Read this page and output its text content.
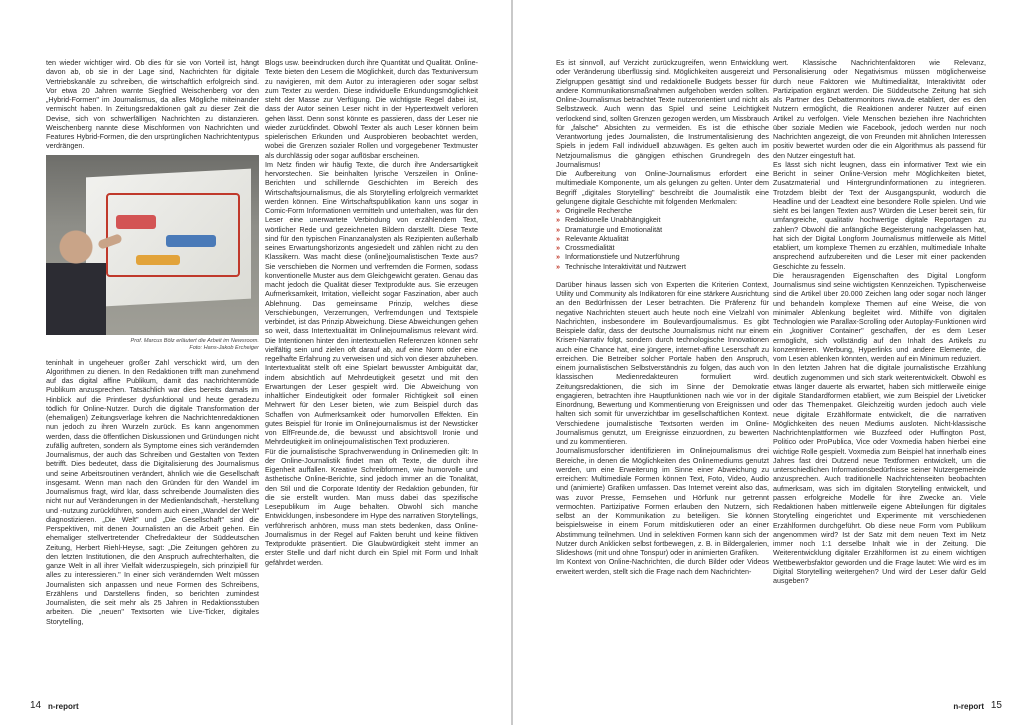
ten wieder wichtiger wird. Ob dies für sie von Vorteil ist, hängt davon ab, ob sie in der Lage sind, Nachrichten für digitale Vertriebskanäle zu schreiben, die wirtschaftlich erfolgreich sind. Vor etwa 20 Jahren warnte Siegfried Weischenberg vor den „Hybrid-Formen" im Journalismus, da alles Mögliche miteinander vermischt haben. In Zeitungsredaktionen galt zu dieser Zeit die Devise, sich von schwerfälligen Nachrichten zu distanzieren. Weischenberg nannte diese Mischformen von Nachrichten und Features Hybrid-Formen, die den ursprünglichen Nachrichtentypus verdrängen.

Prof. Marcus Bölz erläutert die Arbeit im Newsroom.
Foto: Hans-Jakob Ercheiger

teninhalt in ungeheuer großer Zahl verschickt wird, um den Algorithmen zu dienen. In den Redaktionen trifft man zunehmend auf das digital affine Publikum, damit das nachrichtenmüde Publikum anzusprechen. Tatsächlich war dies bereits damals im Hinblick auf die Printleser dysfunktional und heute geradezu tödlich für Online-Nutzer. Durch die digitale Transformation der (ehemaligen) Zeitungsverlage kehren die Nachrichtenredaktionen nun jedoch zu ihren Wurzeln zurück. Es kann angenommen werden, dass die öffentlichen Diskussionen und Gründungen nicht zufällig auftreten, sondern als Symptome eines sich verändernden Journalismus, der auch das Schreiben und Gestalten von Texten betrifft. Dies bedeutet, dass die Digitalisierung des Journalismus und seine Arbeitsroutinen verändert, ähnlich wie die Gesellschaft insgesamt. Wenn man nach den Gründen für den Wandel im Journalismus fragt, wird klar, dass schreibende Journalisten dies nicht nur auf Veränderungen in der Medienlandschaft, -herstellung und -nutzung zurückführen, sondern auch einen „Wandel der Welt" diagnostizieren. „Die Welt" und „Die Gesellschaft" sind die Perspektiven, mit denen Journalisten an die Arbeit gehen. Ein ehemaliger stellvertretender Chefredakteur der Süddeutschen Zeitung, Herbert Riehl-Heyse, sagt: „Die Zeitungen gehören zu den letzten Institutionen, die den Anspruch aufrechterhalten, die ganze Welt in all ihrer Vielfalt widerzuspiegeln, sich prinzipiell für alles zu interessieren." In einer sich verändernden Welt müssen Journalisten sich anpassen und neue Formen des Schreibens, Erzählens und Darstellens finden, so berichten zumindest Journalisten, die seit mehr als 25 Jahren in Redaktionsstuben arbeiten. Die „neuen" Textsorten wie Live-Ticker, digitales Storytelling,

Blogs usw. beeindrucken durch ihre Quantität und Qualität. Online-Texte bieten den Lesern die Möglichkeit, durch das Textuniversum zu navigieren, mit dem Autor zu interagieren oder sogar selbst zum Texter zu werden. Diese individuelle Erkundungsmöglichkeit steht der Masse zur Verfügung. Die wichtigste Regel dabei ist, dass der Autor seinen Leser nicht in der Hypertextwelt verloren gehen lässt. Denn sonst könnte es passieren, dass der Leser nie wieder zurückfindet. Obwohl Texter als auch Leser können beim spielerischen Erkunden und Ausprobieren beobachtet werden, wobei die Grenzen sozialer Rollen und vorgegebener Textmuster als durchlässig oder sogar auflösbar erscheinen.

Im Netz finden wir häufig Texte, die durch ihre Andersartigkeit hervorstechen. Sie beinhalten lyrische Verszeilen in Online-Berichten und schillernde Geschichten im Bereich des Wirtschaftsjournalismus, die als Storytelling erfolgreich vermarktet werden können. Eine Wirtschaftspublikation kann uns sogar in Comic-Form Informationen vermitteln und unterhalten, was für den Leser eine unerwartete Verbindung von erzählendem Text, wörtlicher Rede und gezeichneten Bildern darstellt. Diese Texte sind für den typischen Finanzanalysten als Rezipienten außerhalb seines Erwartungshorizonts angesiedelt und zählen nicht zu den Klassikern. Was macht diese (online)journalistischen Texte aus? Sie verschieben die Normen und verfremden die Formen, sodass konventionelle Muster aus dem Gleichgewicht geraten. Genau das macht jedoch die Qualität dieser Textprodukte aus. Sie erzeugen Aufmerksamkeit, Irritation, vielleicht sogar Faszination, aber auch Ablehnung. Das gemeinsame Prinzip, welches diese Verschiebungen, Verzerrungen, Verfremdungen und Textspiele verbindet, ist das Prinzip Abweichung. Diese Abweichungen gehen so weit, dass Intertextualität im Onlinejournalismus relevant wird. Die Intentionen hinter den intertextuellen Referenzen können sehr vielfältig sein und zielen oft darauf ab, auf eine Norm oder eine regelhafte Erfahrung zu verweisen und sich von dieser abzuheben. Intertextualität stellt oft eine Spielart bewusster Ambiguität dar, indem absichtlich auf Mehrdeutigkeit gesetzt und mit den Erwartungen der Leser gespielt wird. Die Abweichung von inhaltlicher Eindeutigkeit oder formaler Richtigkeit soll einen Mehrwert für den Leser bieten, wie zum Beispiel durch das Schaffen von Aufmerksamkeit oder humorvollen Effekten. Ein gutes Beispiel für Ironie im Onlinejournalismus ist der Newsticker von ElfFreunde.de, die bewusst und absichtsvoll Ironie und Mehrdeutigkeit im onlinejournalistischen Text produzieren.

Für die journalistische Sprachverwendung in Onlinemedien gilt: In der Online-Journalistik findet man oft Texte, die durch ihre Eigenheit auffallen. Kreative Schreibformen, wie humorvolle und ästhetische Online-Berichte, sind jedoch immer an die Tonalität, den Stil und die Corporate Identity der Redaktion gebunden, für die sie erstellt wurden. Man muss dabei das spezifische Lesepublikum im Auge behalten. Obwohl sich manche Entwicklungen, insbesondere im Hype des narrativen Storytellings, verführerisch anhören, muss man stets bedenken, dass Online-Journalismus in der Regel auf Fakten beruht und keine fiktiven Textprodukte präsentiert. Die Glaubwürdigkeit steht immer an erster Stelle und darf nicht durch ein Spiel mit Form und Inhalt gefährdet werden.

14 n-report

Es ist sinnvoll, auf Verzicht zurückzugreifen, wenn Entwicklung oder Veränderung überflüssig sind. Möglichkeiten ausgereizt und Zielgruppen gesättigt sind und redaktionelle Budgets besser für andere Kommunikationsmaßnahmen aufgehoben werden sollten. Online-Journalismus betrachtet Texte nutzerorientiert und nicht als Selbstzweck. Auch wenn das Spiel und seine Leichtigkeit verlockend sind, sollten Grenzen gezogen werden, um Missbrauch für „falsche" Absichten zu vermeiden. Es ist die ethische Verantwortung jedes Journalisten, die Instrumentalisierung des Spiels in jedem Fall individuell abzuwägen. Es gelten auch im Netzjournalismus die gängigen ethischen Grundregeln des Journalismus!

Die Aufbereitung von Online-Journalismus erfordert eine multimediale Komponente, um als gelungen zu gelten. Unter dem Begriff „digitales Storytelling" beschreibt die Journalistik eine gelungene digitale Geschichte mit folgenden Merkmalen:

» Originelle Recherche
» Redaktionelle Unabhängigkeit
» Dramaturgie und Emotionalität
» Relevante Aktualität
» Crossmedialität
» Informationstiefe und Nutzerführung
» Technische Interaktivität und Nutzwert

Darüber hinaus lassen sich von Experten die Kriterien Context, Utility und Community als Indikatoren für eine stärkere Ausrichtung an den Bedürfnissen der Leser betrachten. Die Präferenz für negative Nachrichten steuert auch heute noch eine Vielzahl von Nachrichten, insbesondere im Boulevardjournalismus. Es gibt Beispiele dafür, dass der deutsche Journalismus nicht nur einem Krisen-Narrativ folgt, sondern durch technologische Innovationen auch eine Chance hat, eine jüngere, internet-affine Leserschaft zu erreichen. Die Betreiber solcher Portale haben den Anspruch, einem journalistischen Selbstverständnis zu folgen, das auch von klassischen Medienredakteuren formuliert wird. Zeitungsredaktionen, die sich im Sinne der Demokratie engagieren, betrachten ihre Hauptfunktionen nach wie vor in der Einordnung, Bewertung und Kommentierung von Ereignissen und halten sich somit für unverzichtbar im gesellschaftlichen Kontext. Verschiedene journalistische Textsorten werden im Online-Journalismus genutzt, um Ereignisse einzuordnen, zu bewerten und zu kommentieren.

Journalismusforscher identifizieren im Onlinejournalismus drei Bereiche, in denen die Möglichkeiten des Onlinemediums genutzt werden, um eine Erweiterung im Sinne einer Abweichung zu erreichen: Multimediale Formen können Text, Foto, Video, Audio und (animierte) Grafiken umfassen. Das Internet vereint also das, was zuvor Presse, Fernsehen und Hörfunk nur getrennt vermochten. Partizipative Formen erlauben den Nutzern, sich selbst an der Kommunikation zu beteiligen. Sie können beispielsweise in einem Forum mitdiskutieren oder an einer Abstimmung teilnehmen. Und in selektiven Formen kann sich der Nutzer durch Anklicken selbst fortbewegen, z. B. in Bildergalerien, Slideshows (mit und ohne Tonspur) oder in animierten Grafiken.

Im Kontext von Online-Nachrichten, die durch Bilder oder Videos erweitert werden, stellt sich die Frage nach dem Nachrichten-

wert. Klassische Nachrichtenfaktoren wie Relevanz, Personalisierung oder Negativismus müssen möglicherweise durch neue Faktoren wie Multimedialität, Interaktivität oder Partizipation ergänzt werden. Die Süddeutsche Zeitung hat sich als Partner des Debattenmonitors riwva.de etabliert, der es den Nutzern ermöglicht, die Reaktionen anderer Nutzer auf einen Artikel zu verfolgen. Viele Menschen beziehen ihre Nachrichten über soziale Medien wie Facebook, jedoch werden nur noch Nachrichten angezeigt, die von Freunden mit ähnlichen Interessen positiv bewertet wurden oder die ein Algorithmus als passend für den Nutzer eingestuft hat.

Es lässt sich nicht leugnen, dass ein informativer Text wie ein Bericht in seiner Online-Version mehr Möglichkeiten bietet, Zusatzmaterial und Hintergrundinformationen zu integrieren. Trotzdem bleibt der Text der Ausgangspunkt, wodurch die Headline und der Leadtext eine besondere Rolle spielen. Und wie sieht es bei langen Texten aus? Würden die Leser bereit sein, für umfangreiche, qualitativ hochwertige digitale Reportagen zu zahlen? Obwohl die anfängliche Begeisterung nachgelassen hat, hat sich der Digital Longform Journalismus mittlerweile als Mittel etabliert, um komplexe Themen zu erzählen, multimediale Inhalte ansprechend aufzubereiten und die Leser mit einer packenden Geschichte zu fesseln.

Die herausragenden Eigenschaften des Digital Longform Journalismus sind seine wichtigsten Kennzeichen. Typischerweise sind die Artikel über 20.000 Zeichen lang oder sogar noch länger und behandeln komplexe Themen auf eine Weise, die von minimaler Ablenkung begleitet wird. Mithilfe von digitalen Technologien wie Parallax-Scrolling oder Autoplay-Funktionen wird ein „kognitiver Container" geschaffen, der es dem Leser ermöglicht, sich vollständig auf den Inhalt des Artikels zu konzentrieren. Werbung, Hyperlinks und andere Elemente, die vom Lesen ablenken könnten, werden auf ein Minimum reduziert.

In den letzten Jahren hat die digitale journalistische Erzählung deutlich zugenommen und sich stark weiterentwickelt. Obwohl es etwas länger dauerte als erwartet, haben sich mittlerweile einige digitale Standardformen etabliert, wie zum Beispiel der Liveticker oder das Themenpaket. Gleichzeitig wurden jedoch auch viele neue digitale Erzählformate entwickelt, die die narrativen Möglichkeiten des neuen Mediums ausloten. Nicht-klassische Nachrichtenplattformen wie Buzzfeed oder Huffington Post, Politico oder ProPublica, Vice oder Voxmedia haben hierbei eine wichtige Rolle gespielt. Voxmedia zum Beispiel hat innerhalb eines Jahres fast drei Dutzend neue Textformen entwickelt, um die unterschiedlichen Informationsbedürfnisse seiner Nutzergemeinde anzusprechen. Auch traditionelle Nachrichtenseiten beobachten aufmerksam, was sich im digitalen Storytelling entwickelt, und passen erfolgreiche Modelle für ihre Zwecke an. Viele Redaktionen haben mittlerweile eigene Abteilungen für digitales Storytelling eingerichtet und Experimente mit verschiedenen Erzählformen durchgeführt. Ob diese neue Form vom Publikum angenommen wird? Ist der Satz mit dem neuen Text im Netz immer noch 1:1 derselbe Inhalt wie in der Zeitung. Die Weiterentwicklung digitaler Erzählformen ist zu einem wichtigen Wettbewerbsfaktor geworden und die Frage lautet: Wie wird es im Digital Storytelling weitergehen? Und wird der Leser dafür Geld ausgeben?

n-report 15
